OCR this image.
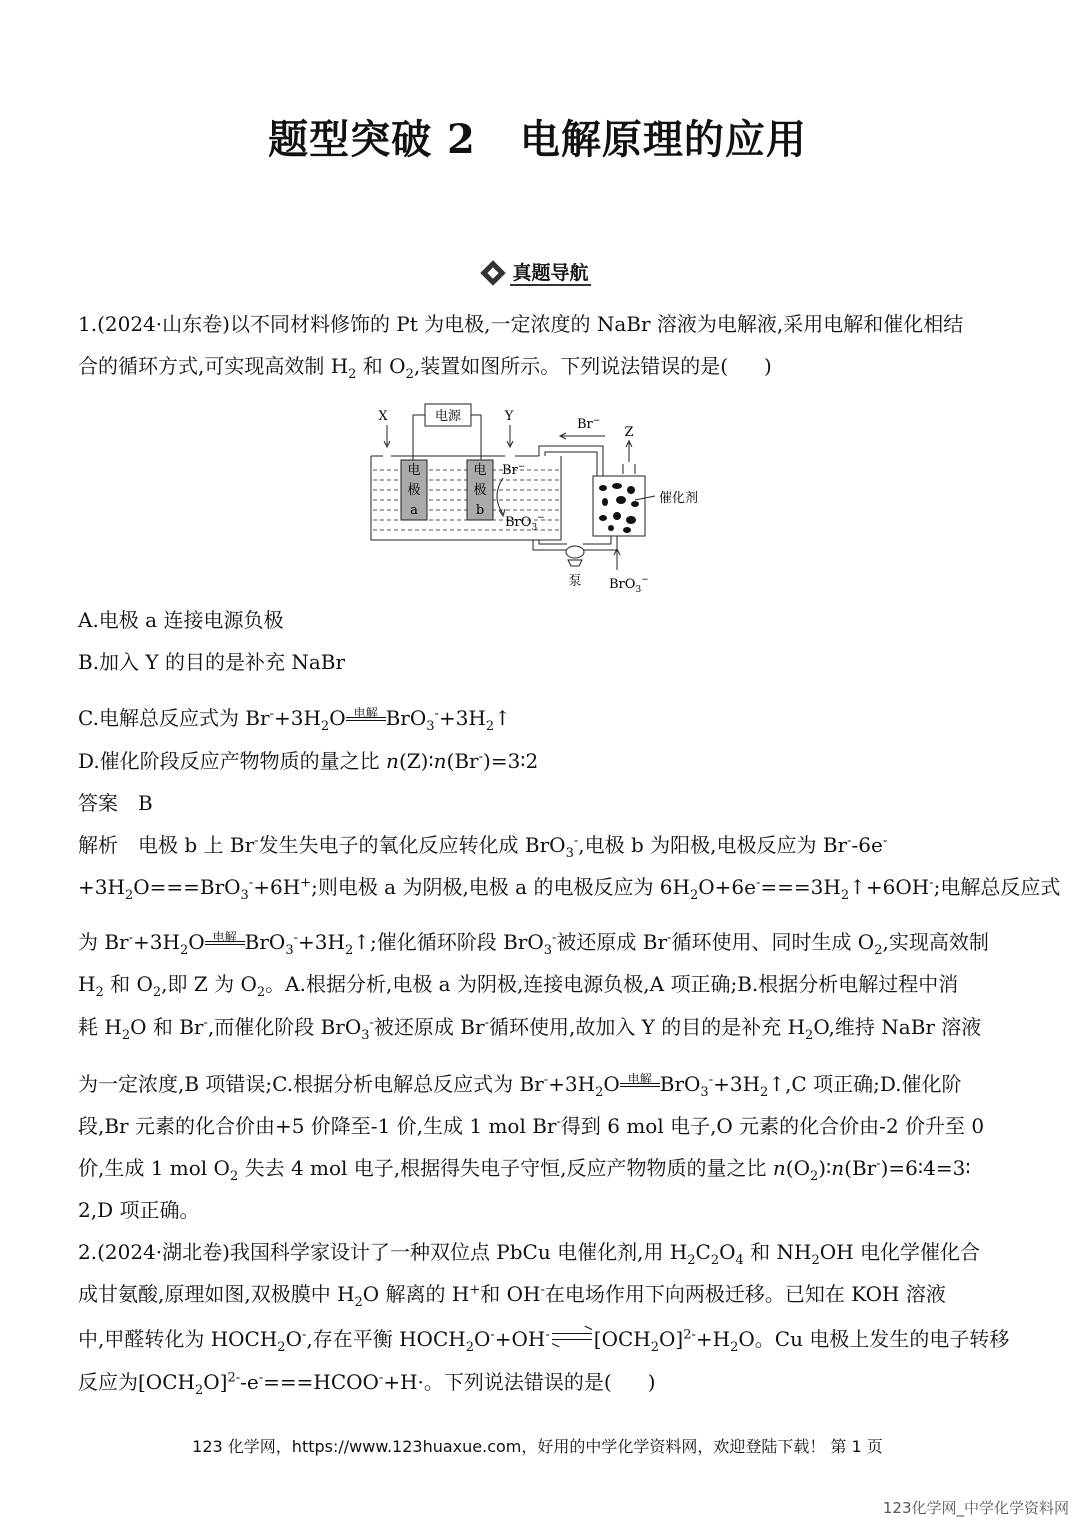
题型突破 2 电解原理的应用
真题导航
1.(2024·山东卷)以不同材料修饰的 Pt 为电极,一定浓度的 NaBr 溶液为电解液,采用电解和催化相结
合的循环方式,可实现高效制 $H_2$ 和 $O_2$,装置如图所示。下列说法错误的是( )
电源
X	Y
电
极
a
电
极
b
Br−
BrO$_3$−
Br−
Z
催化剂
泵 BrO$_3$−
A.电极 a 连接电源负极
B.加入 Y 的目的是补充 NaBr
C.电解总反应式为 $Br^-+3H_2O$ 电解 $BrO_3^-+3H_2↑$
D.催化阶段反应产物物质的量之比 n(Z)∶n(Br-)=3∶2
答案　B
解析　电极 b 上 Br-发生失电子的氧化反应转化成 BrO$_3$-,电极 b 为阳极,电极反应为 Br--6e-
$+3H_2O===BrO_3^-+6H^+$;则电极 a 为阴极,电极 a 的电极反应为 $6H_2O+6e^-===3H_2↑+6OH^-$;电解总反应式
为 $Br^-+3H_2O$ 电解 $BrO_3^-+3H_2↑$;催化循环阶段 BrO$_3$-被还原成 Br-循环使用、同时生成 $O_2$,实现高效制
$H_2$ 和 $O_2$,即 Z 为 $O_2$。A.根据分析,电极 a 为阴极,连接电源负极,A 项正确;B.根据分析电解过程中消
耗 $H_2O$ 和 Br-,而催化阶段 BrO$_3$-被还原成 Br-循环使用,故加入 Y 的目的是补充 $H_2O$,维持 NaBr 溶液
为一定浓度,B 项错误;C.根据分析电解总反应式为 $Br^-+3H_2O$ 电解 $BrO_3^-+3H_2↑,C$ 项正确;D.催化阶
段,Br 元素的化合价由+5 价降至-1 价,生成 1 mol Br-得到 6 mol 电子,O 元素的化合价由-2 价升至 0
价,生成 1 mol $O_2$ 失去 4 mol 电子,根据得失电子守恒,反应产物物质的量之比 $n(O_2)∶n(Br^-)=6∶4=3∶$
2,D 项正确。
2.(2024·湖北卷)我国科学家设计了一种双位点 PbCu 电催化剂,用 $H_2C_2O_4$ 和 $NH_2OH$ 电化学催化合
成甘氨酸,原理如图,双极膜中 $H_2O$ 解离的 H+和 OH-在电场作用下向两极迁移。已知在 KOH 溶液
中,甲醛转化为 $HOCH_2O^-$,存在平衡 $HOCH_2O^-+OH^-\rightleftharpoons[OCH_2O]^{2-}+H_2O$。Cu 电极上发生的电子转移
反应为$[OCH_2O]^{2-}-e^-===HCOO^-+H\cdot$。下列说法错误的是( )
123 化学网，https://www.123huaxue.com，好用的中学化学资料网，欢迎登陆下载！ 第 1 页
123化学网_中学化学资料网
